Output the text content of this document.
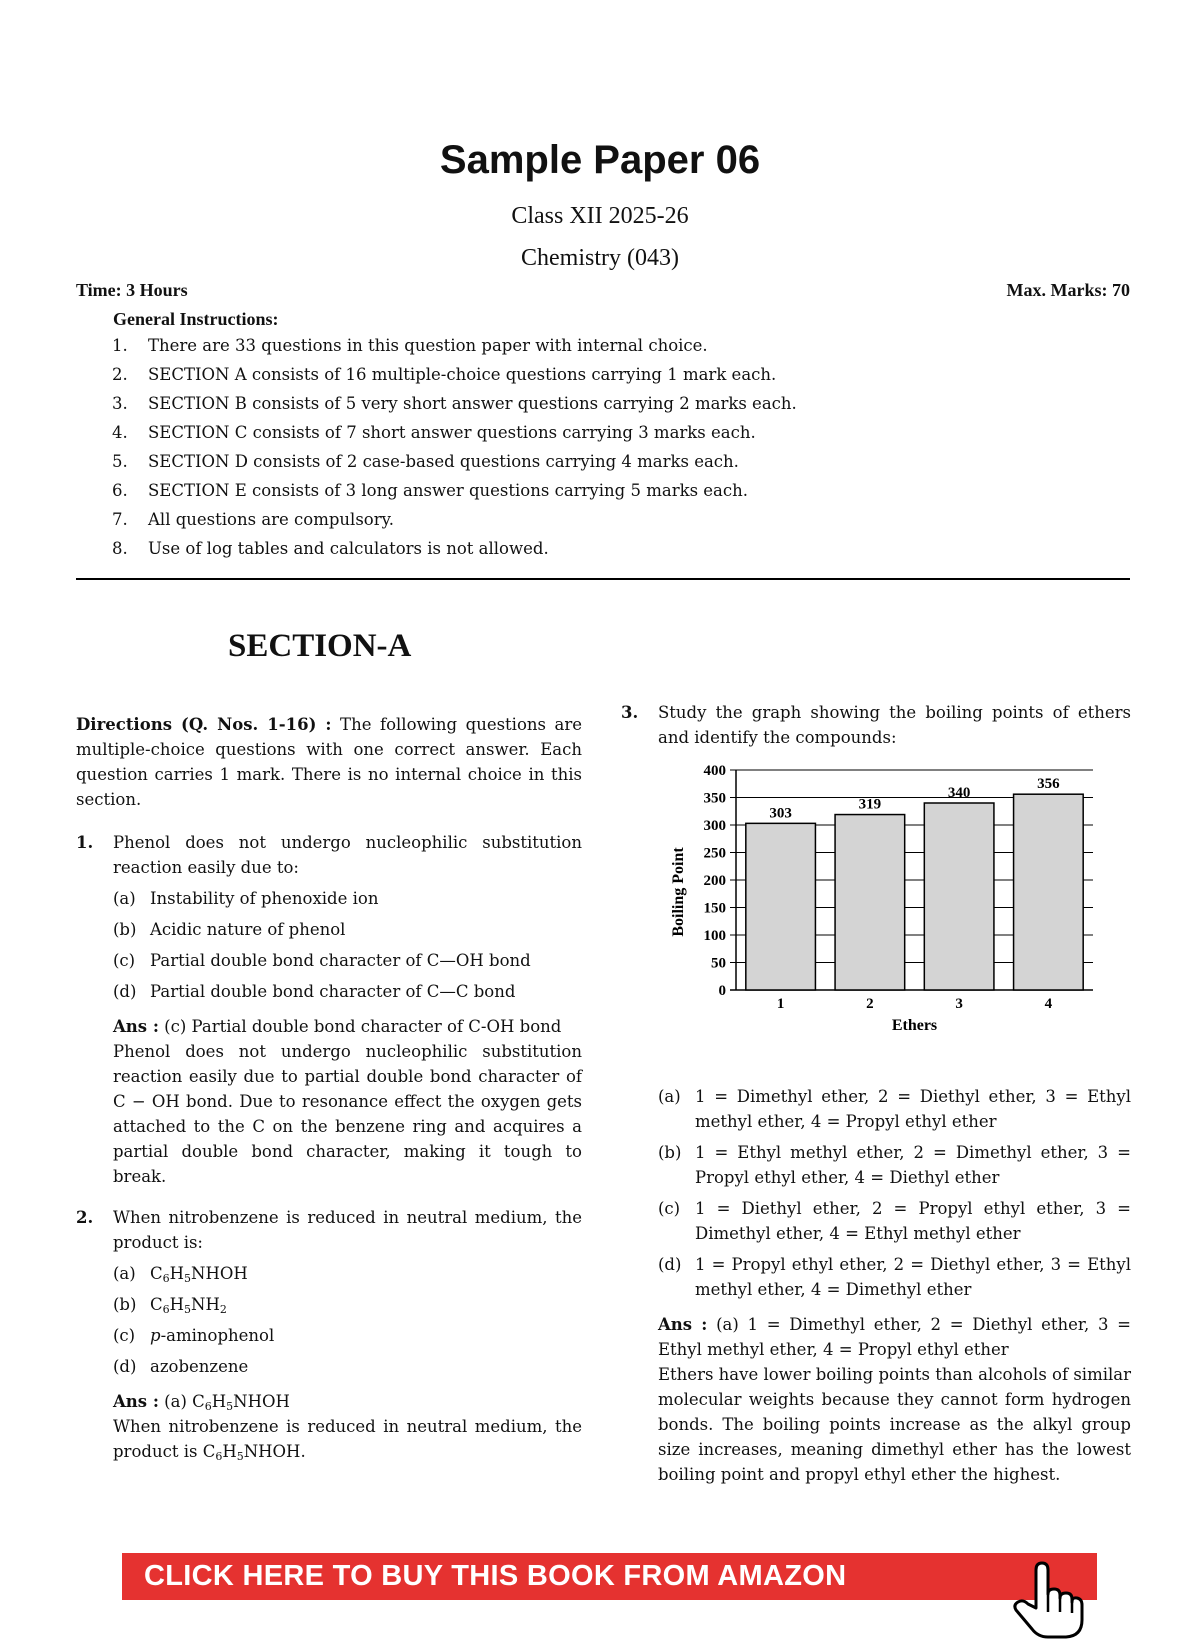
Sample Paper 06
Class XII 2025-26
Chemistry (043)
Time: 3 Hours	Max. Marks: 70
General Instructions:
1.	There are 33 questions in this question paper with internal choice.
2.	SECTION A consists of 16 multiple-choice questions carrying 1 mark each.
3.	SECTION B consists of 5 very short answer questions carrying 2 marks each.
4.	SECTION C consists of 7 short answer questions carrying 3 marks each.
5.	SECTION D consists of 2 case-based questions carrying 4 marks each.
6.	SECTION E consists of 3 long answer questions carrying 5 marks each.
7.	All questions are compulsory.
8.	Use of log tables and calculators is not allowed.
SECTION-A
Directions (Q. Nos. 1-16) : The following questions are multiple-choice questions with one correct answer. Each question carries 1 mark. There is no internal choice in this section.
1.	Phenol does not undergo nucleophilic substitution reaction easily due to:
(a) Instability of phenoxide ion
(b) Acidic nature of phenol
(c) Partial double bond character of C—OH bond
(d) Partial double bond character of C—C bond
Ans : (c) Partial double bond character of C-OH bond
Phenol does not undergo nucleophilic substitution reaction easily due to partial double bond character of C − OH bond. Due to resonance effect the oxygen gets attached to the C on the benzene ring and acquires a partial double bond character, making it tough to break.
2.	When nitrobenzene is reduced in neutral medium, the product is:
(a) $C_6H_5NHOH$
(b) $C_6H_5NH_2$
(c) p-aminophenol
(d) azobenzene
Ans : (a) $C_6H_5NHOH$
When nitrobenzene is reduced in neutral medium, the product is $C_6H_5NHOH$.
3.	Study the graph showing the boiling points of ethers and identify the compounds:
0
50
100
150
200
250
300
350
400
303
1
319
2
340
3
356
4
Ethers
Boiling Point
(a) 1 = Dimethyl ether, 2 = Diethyl ether, 3 = Ethyl methyl ether, 4 = Propyl ethyl ether
(b) 1 = Ethyl methyl ether, 2 = Dimethyl ether, 3 = Propyl ethyl ether, 4 = Diethyl ether
(c) 1 = Diethyl ether, 2 = Propyl ethyl ether, 3 = Dimethyl ether, 4 = Ethyl methyl ether
(d) 1 = Propyl ethyl ether, 2 = Diethyl ether, 3 = Ethyl methyl ether, 4 = Dimethyl ether
Ans : (a) 1 = Dimethyl ether, 2 = Diethyl ether, 3 = Ethyl methyl ether, 4 = Propyl ethyl ether
Ethers have lower boiling points than alcohols of similar molecular weights because they cannot form hydrogen bonds. The boiling points increase as the alkyl group size increases, meaning dimethyl ether has the lowest boiling point and propyl ethyl ether the highest.
CLICK HERE TO BUY THIS BOOK FROM AMAZON
